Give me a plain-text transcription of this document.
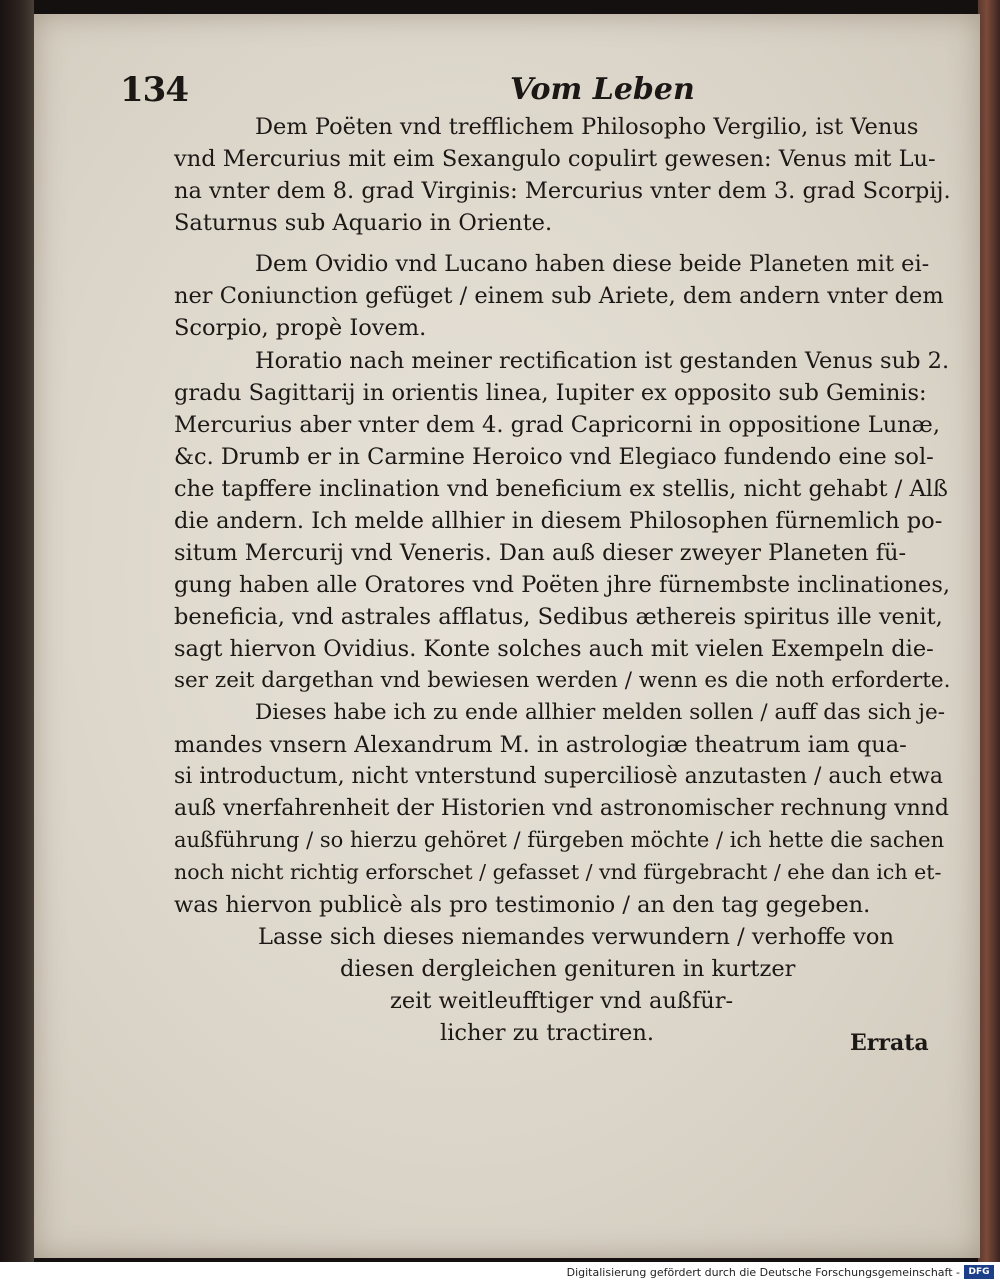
134	Vom Leben
Dem Poëten vnd trefflichem Philosopho Vergilio, ist Venus
vnd Mercurius mit eim Sexangulo copulirt gewesen: Venus mit Lu-
na vnter dem 8. grad Virginis: Mercurius vnter dem 3. grad Scorpij.
Saturnus sub Aquario in Oriente.
Dem Ovidio vnd Lucano haben diese beide Planeten mit ei-
ner Coniunction gefüget / einem sub Ariete, dem andern vnter dem
Scorpio, propè Iovem.
Horatio nach meiner rectification ist gestanden Venus sub 2.
gradu Sagittarij in orientis linea, Iupiter ex opposito sub Geminis:
Mercurius aber vnter dem 4. grad Capricorni in oppositione Lunæ,
&c. Drumb er in Carmine Heroico vnd Elegiaco fundendo eine sol-
che tapffere inclination vnd beneficium ex stellis, nicht gehabt / Alß
die andern. Ich melde allhier in diesem Philosophen fürnemlich po-
situm Mercurij vnd Veneris. Dan auß dieser zweyer Planeten fü-
gung haben alle Oratores vnd Poëten jhre fürnembste inclinationes,
beneficia, vnd astrales afflatus, Sedibus æthereis spiritus ille venit,
sagt hiervon Ovidius. Konte solches auch mit vielen Exempeln die-
ser zeit dargethan vnd bewiesen werden / wenn es die noth erforderte.
Dieses habe ich zu ende allhier melden sollen / auff das sich je-
mandes vnsern Alexandrum M. in astrologiæ theatrum iam qua-
si introductum, nicht vnterstund superciliosè anzutasten / auch etwa
auß vnerfahrenheit der Historien vnd astronomischer rechnung vnnd
außführung / so hierzu gehöret / fürgeben möchte / ich hette die sachen
noch nicht richtig erforschet / gefasset / vnd fürgebracht / ehe dan ich et-
was hiervon publicè als pro testimonio / an den tag gegeben.
Lasse sich dieses niemandes verwundern / verhoffe von
diesen dergleichen genituren in kurtzer
zeit weitleufftiger vnd außfür-
licher zu tractiren.	Errata
Digitalisierung gefördert durch die Deutsche Forschungsgemeinschaft - DFG
